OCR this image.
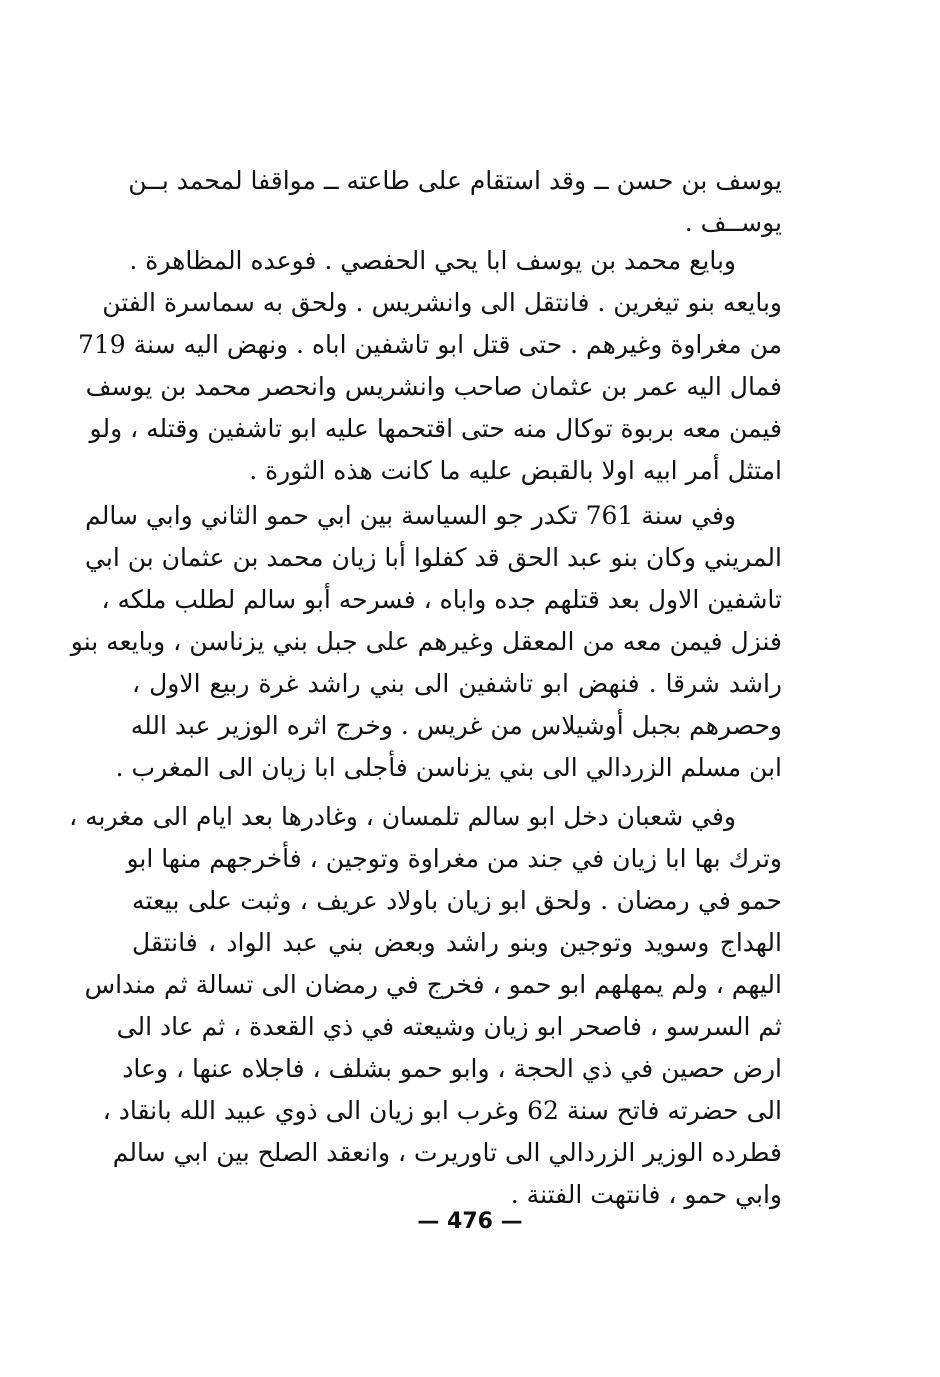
يوسف بن حسن ــ وقد استقام على طاعته ــ مواقفا لمحمد بــن
يوســف .
وبايع محمد بن يوسف ابا يحي الحفصي . فوعده المظاهرة .
وبايعه بنو تيغرين . فانتقل الى وانشريس . ولحق به سماسرة الفتن
من مغراوة وغيرهم . حتى قتل ابو تاشفين اباه . ونهض اليه سنة 719
فمال اليه عمر بن عثمان صاحب وانشريس وانحصر محمد بن يوسف
فيمن معه بربوة توكال منه حتى اقتحمها عليه ابو تاشفين وقتله ، ولو
امتثل أمر ابيه اولا بالقبض عليه ما كانت هذه الثورة .
وفي سنة 761 تكدر جو السياسة بين ابي حمو الثاني وابي سالم
المريني وكان بنو عبد الحق قد كفلوا أبا زيان محمد بن عثمان بن ابي
تاشفين الاول بعد قتلهم جده واباه ، فسرحه أبو سالم لطلب ملكه ،
فنزل فيمن معه من المعقل وغيرهم على جبل بني يزناسن ، وبايعه بنو
راشد شرقا . فنهض ابو تاشفين الى بني راشد غرة ربيع الاول ،
وحصرهم بجبل أوشيلاس من غريس . وخرج اثره الوزير عبد الله
ابن مسلم الزردالي الى بني يزناسن فأجلى ابا زيان الى المغرب .
وفي شعبان دخل ابو سالم تلمسان ، وغادرها بعد ايام الى مغربه ،
وترك بها ابا زيان في جند من مغراوة وتوجين ، فأخرجهم منها ابو
حمو في رمضان . ولحق ابو زيان باولاد عريف ، وثبت على بيعته
الهداج وسويد وتوجين وبنو راشد وبعض بني عبد الواد ، فانتقل
اليهم ، ولم يمهلهم ابو حمو ، فخرج في رمضان الى تسالة ثم منداس
ثم السرسو ، فاصحر ابو زيان وشيعته في ذي القعدة ، ثم عاد الى
ارض حصين في ذي الحجة ، وابو حمو بشلف ، فاجلاه عنها ، وعاد
الى حضرته فاتح سنة 62 وغرب ابو زيان الى ذوي عبيد الله بانقاد ،
فطرده الوزير الزردالي الى تاوريرت ، وانعقد الصلح بين ابي سالم
وابي حمو ، فانتهت الفتنة .
— 476 —
